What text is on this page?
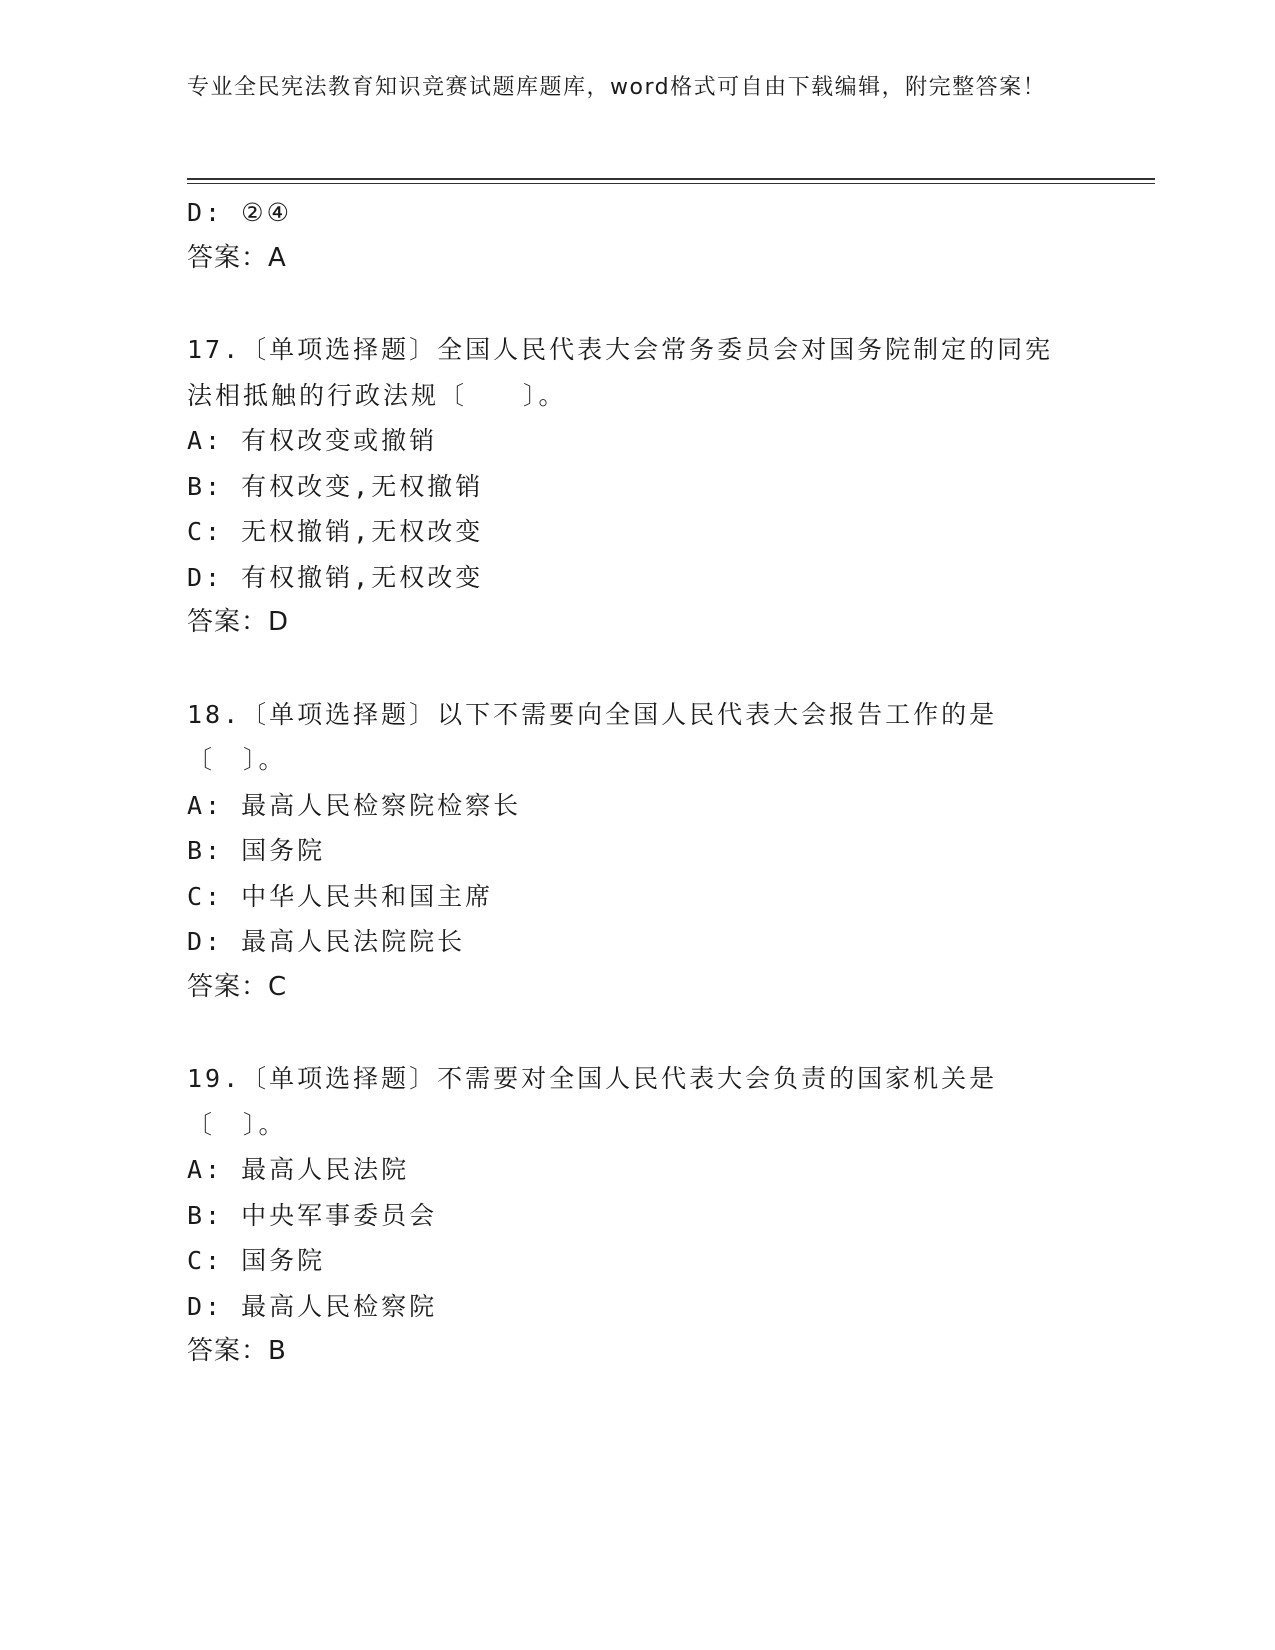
专业全民宪法教育知识竞赛试题库题库，word格式可自由下载编辑，附完整答案！
D: ②④
答案：A
17.〔单项选择题〕全国人民代表大会常务委员会对国务院制定的同宪法相抵触的行政法规〔　　〕。
A: 有权改变或撤销
B: 有权改变,无权撤销
C: 无权撤销,无权改变
D: 有权撤销,无权改变
答案：D
18.〔单项选择题〕以下不需要向全国人民代表大会报告工作的是〔　〕。
A: 最高人民检察院检察长
B: 国务院
C: 中华人民共和国主席
D: 最高人民法院院长
答案：C
19.〔单项选择题〕不需要对全国人民代表大会负责的国家机关是〔　〕。
A: 最高人民法院
B: 中央军事委员会
C: 国务院
D: 最高人民检察院
答案：B
